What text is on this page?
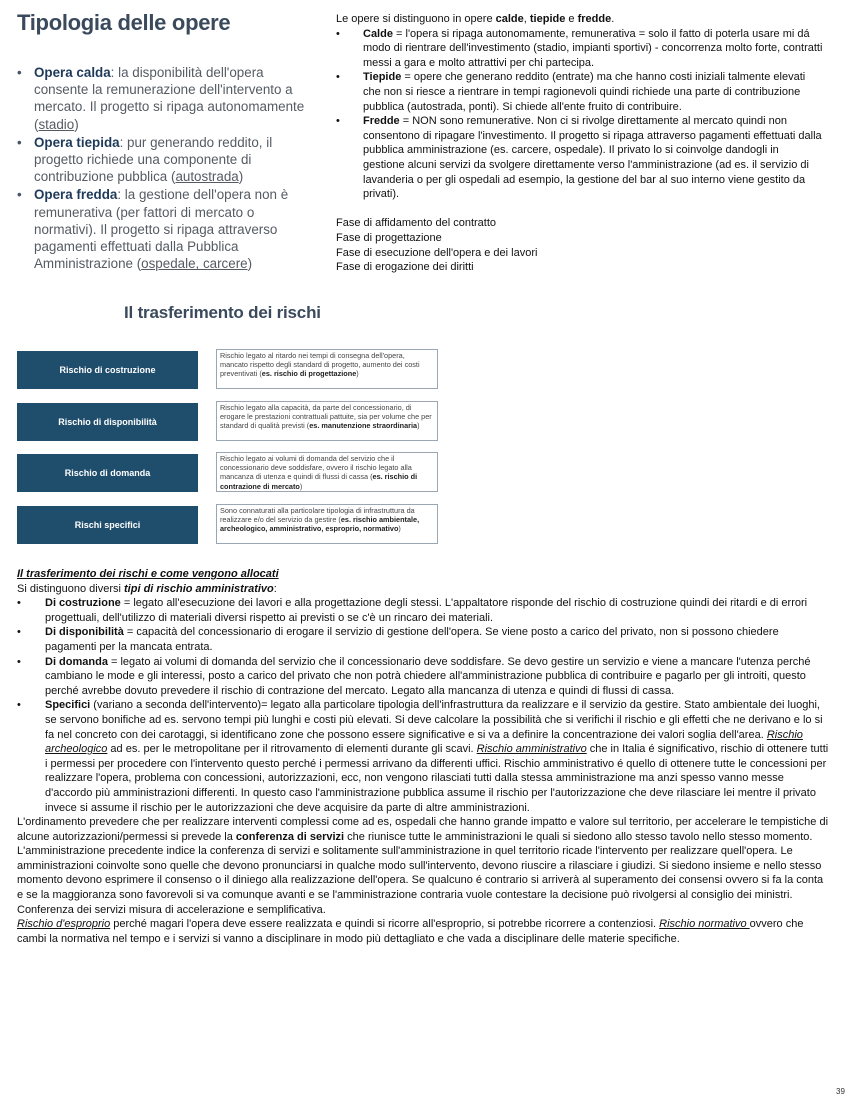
Tipologia delle opere
• Opera calda: la disponibilità dell'opera consente la remunerazione dell'intervento a mercato. Il progetto si ripaga autonomamente (stadio)
• Opera tiepida: pur generando reddito, il progetto richiede una componente di contribuzione pubblica (autostrada)
• Opera fredda: la gestione dell'opera non è remunerativa (per fattori di mercato o normativi). Il progetto si ripaga attraverso pagamenti effettuati dalla Pubblica Amministrazione (ospedale, carcere)

Le opere si distinguono in opere calde, tiepide e fredde.

• Calde = l'opera si ripaga autonomamente, remunerativa = solo il fatto di poterla usare mi dá modo di rientrare dell'investimento (stadio, impianti sportivi) - concorrenza molto forte, contratti messi a gara e molto attrattivi per chi partecipa.

• Tiepide = opere che generano reddito (entrate) ma che hanno costi iniziali talmente elevati che non si riesce a rientrare in tempi ragionevoli quindi richiede una parte di contribuzione pubblica (autostrada, ponti). Si chiede all'ente fruito di contribuire.

• Fredde = NON sono remunerative. Non ci si rivolge direttamente al mercato quindi non consentono di ripagare l'investimento. Il progetto si ripaga attraverso pagamenti effettuati dalla pubblica amministrazione (es. carcere, ospedale). Il privato lo si coinvolge dandogli in gestione alcuni servizi da svolgere direttamente verso l'amministrazione (ad es. il servizio di lavanderia o per gli ospedali ad esempio, la gestione del bar al suo interno viene gestito da privati).

Fase di affidamento del contratto

Fase di progettazione

Fase di esecuzione dell'opera e dei lavori

Fase di erogazione dei diritti

Il trasferimento dei rischi
Rischio di costruzione
Rischio legato al ritardo nei tempi di consegna dell'opera, mancato rispetto degli standard di progetto, aumento dei costi preventivati (es. rischio di progettazione)
Rischio di disponibilità
Rischio legato alla capacità, da parte del concessionario, di erogare le prestazioni contrattuali pattuite, sia per volume che per standard di qualità previsti (es. manutenzione straordinaria)
Rischio di domanda
Rischio legato ai volumi di domanda del servizio che il concessionario deve soddisfare, ovvero il rischio legato alla mancanza di utenza e quindi di flussi di cassa (es. rischio di contrazione di mercato)
Rischi specifici
Sono connaturati alla particolare tipologia di infrastruttura da realizzare e/o del servizio da gestire (es. rischio ambientale, archeologico, amministrativo, esproprio, normativo)

Il trasferimento dei rischi e come vengono allocati

Si distinguono diversi tipi di rischio amministrativo:

• Di costruzione = legato all'esecuzione dei lavori e alla progettazione degli stessi. L'appaltatore risponde del rischio di costruzione quindi dei ritardi e di errori progettuali, dell'utilizzo di materiali diversi rispetto ai previsti o se c'è un rincaro dei materiali.

• Di disponibilità = capacità del concessionario di erogare il servizio di gestione dell'opera. Se viene posto a carico del privato, non si possono chiedere pagamenti per la mancata entrata.

• Di domanda = legato ai volumi di domanda del servizio che il concessionario deve soddisfare. Se devo gestire un servizio e viene a mancare l'utenza perché cambiano le mode e gli interessi, posto a carico del privato che non potrà chiedere all'amministrazione pubblica di contribuire e pagarlo per gli introiti, questo perché avrebbe dovuto prevedere il rischio di contrazione del mercato. Legato alla mancanza di utenza e quindi di flussi di cassa.

• Specifici (variano a seconda dell'intervento)= legato alla particolare tipologia dell'infrastruttura da realizzare e il servizio da gestire. Stato ambientale dei luoghi, se servono bonifiche ad es. servono tempi più lunghi e costi più elevati. Si deve calcolare la possibilità che si verifichi il rischio e gli effetti che ne derivano e lo si fa nel concreto con dei carotaggi, si identificano zone che possono essere significative e si va a definire la concentrazione dei valori soglia dell'area. Rischio archeologico ad es. per le metropolitane per il ritrovamento di elementi durante gli scavi. Rischio amministrativo che in Italia é significativo, rischio di ottenere tutti i permessi per procedere con l'intervento questo perché i permessi arrivano da differenti uffici. Rischio amministrativo é quello di ottenere tutte le concessioni per realizzare l'opera, problema con concessioni, autorizzazioni, ecc, non vengono rilasciati tutti dalla stessa amministrazione ma anzi spesso vanno messe d'accordo più amministrazioni differenti. In questo caso l'amministrazione pubblica assume il rischio per l'autorizzazione che deve rilasciare lei mentre il privato invece si assume il rischio per le autorizzazioni che deve acquisire da parte di altre amministrazioni.

L'ordinamento prevedere che per realizzare interventi complessi come ad es, ospedali che hanno grande impatto e valore sul territorio, per accelerare le tempistiche di alcune autorizzazioni/permessi si prevede la conferenza di servizi che riunisce tutte le amministrazioni le quali si siedono allo stesso tavolo nello stesso momento. L'amministrazione precedente indice la conferenza di servizi e solitamente sull'amministrazione in quel territorio ricade l'intervento per realizzare quell'opera. Le amministrazioni coinvolte sono quelle che devono pronunciarsi in qualche modo sull'intervento, devono riuscire a rilasciare i giudizi. Si siedono insieme e nello stesso momento devono esprimere il consenso o il diniego alla realizzazione dell'opera. Se qualcuno é contrario si arriverà al superamento dei consensi ovvero si fa la conta e se la maggioranza sono favorevoli si va comunque avanti e se l'amministrazione contraria vuole contestare la decisione può rivolgersi al consiglio dei ministri. Conferenza dei servizi misura di accelerazione e semplificativa.

Rischio d'esproprio perché magari l'opera deve essere realizzata e quindi si ricorre all'esproprio, si potrebbe ricorrere a contenziosi. Rischio normativo ovvero che cambi la normativa nel tempo e i servizi si vanno a disciplinare in modo più dettagliato e che vada a disciplinare delle materie specifiche.

39
